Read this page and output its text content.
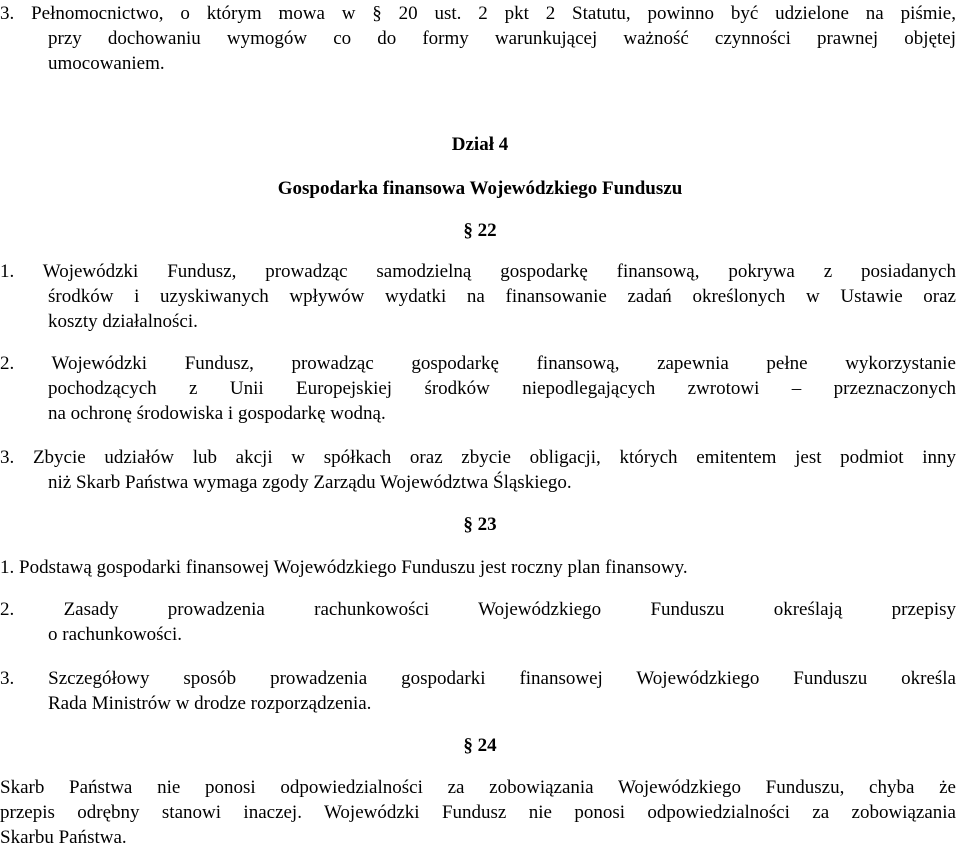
3. Pełnomocnictwo, o którym mowa w § 20 ust. 2 pkt 2 Statutu, powinno być udzielone na piśmie,
przy dochowaniu wymogów co do formy warunkującej ważność czynności prawnej objętej
umocowaniem.
Dział 4
Gospodarka finansowa Wojewódzkiego Funduszu
§ 22
1. Wojewódzki Fundusz, prowadząc samodzielną gospodarkę finansową, pokrywa z posiadanych
środków i uzyskiwanych wpływów wydatki na finansowanie zadań określonych w Ustawie oraz
koszty działalności.
2. Wojewódzki Fundusz, prowadząc gospodarkę finansową, zapewnia pełne wykorzystanie
pochodzących z Unii Europejskiej środków niepodlegających zwrotowi – przeznaczonych
na ochronę środowiska i gospodarkę wodną.
3. Zbycie udziałów lub akcji w spółkach oraz zbycie obligacji, których emitentem jest podmiot inny
niż Skarb Państwa wymaga zgody Zarządu Województwa Śląskiego.
§ 23
1. Podstawą gospodarki finansowej Wojewódzkiego Funduszu jest roczny plan finansowy.
2. Zasady prowadzenia rachunkowości Wojewódzkiego Funduszu określają przepisy
o rachunkowości.
3. Szczegółowy sposób prowadzenia gospodarki finansowej Wojewódzkiego Funduszu określa
Rada Ministrów w drodze rozporządzenia.
§ 24
Skarb Państwa nie ponosi odpowiedzialności za zobowiązania Wojewódzkiego Funduszu, chyba że
przepis odrębny stanowi inaczej. Wojewódzki Fundusz nie ponosi odpowiedzialności za zobowiązania
Skarbu Państwa.
